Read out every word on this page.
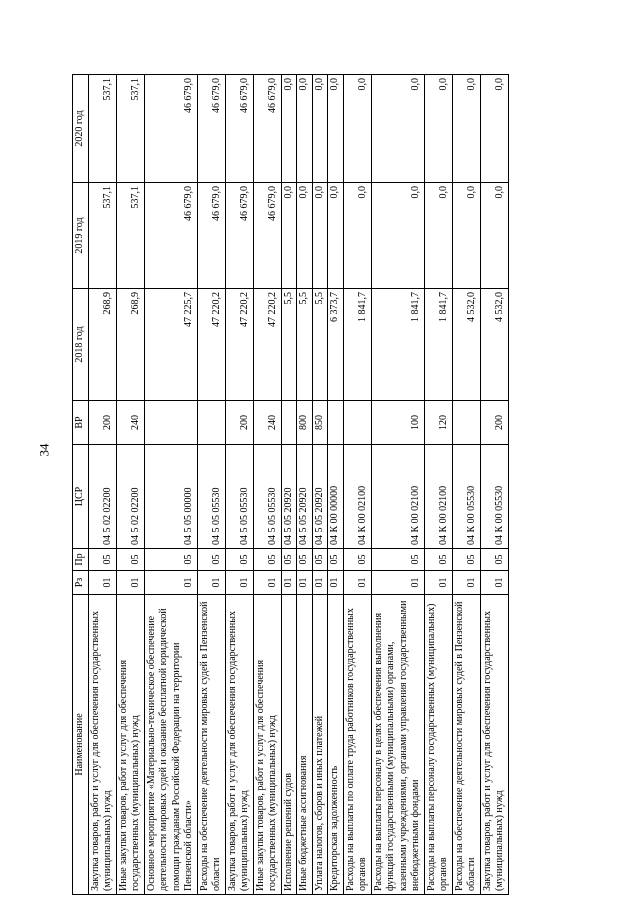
34
Наименование	Рз	Пр	ЦСР	ВР	2018 год	2019 год	2020 год
Закупка товаров, работ и услуг для обеспечения государственных (муниципальных) нужд	01	05	04 5 02 02200	200	268,9	537,1	537,1
Иные закупки товаров, работ и услуг для обеспечения государственных (муниципальных) нужд	01	05	04 5 02 02200	240	268,9	537,1	537,1
Основное мероприятие «Материально-техническое обеспечение деятельности мировых судей и оказание бесплатной юридической помощи гражданам Российской Федерации на территории Пензенской области»	01	05	04 5 05 00000		47 225,7	46 679,0	46 679,0
Расходы на обеспечение деятельности мировых судей в Пензенской области	01	05	04 5 05 05530		47 220,2	46 679,0	46 679,0
Закупка товаров, работ и услуг для обеспечения государственных (муниципальных) нужд	01	05	04 5 05 05530	200	47 220,2	46 679,0	46 679,0
Иные закупки товаров, работ и услуг для обеспечения государственных (муниципальных) нужд	01	05	04 5 05 05530	240	47 220,2	46 679,0	46 679,0
Исполнение решений судов	01	05	04 5 05 20920		5,5	0,0	0,0
Иные бюджетные ассигнования	01	05	04 5 05 20920	800	5,5	0,0	0,0
Уплата налогов, сборов и иных платежей	01	05	04 5 05 20920	850	5,5	0,0	0,0
Кредиторская задолженность	01	05	04 К 00 00000		6 373,7	0,0	0,0
Расходы на выплаты по оплате труда работников государственных органов	01	05	04 К 00 02100		1 841,7	0,0	0,0
Расходы на выплаты персоналу в целях обеспечения выполнения функций государственными (муниципальными) органами, казенными учреждениями, органами управления государственными внебюджетными фондами	01	05	04 К 00 02100	100	1 841,7	0,0	0,0
Расходы на выплаты персоналу государственных (муниципальных) органов	01	05	04 К 00 02100	120	1 841,7	0,0	0,0
Расходы на обеспечение деятельности мировых судей в Пензенской области	01	05	04 К 00 05530		4 532,0	0,0	0,0
Закупка товаров, работ и услуг для обеспечения государственных (муниципальных) нужд	01	05	04 К 00 05530	200	4 532,0	0,0	0,0
